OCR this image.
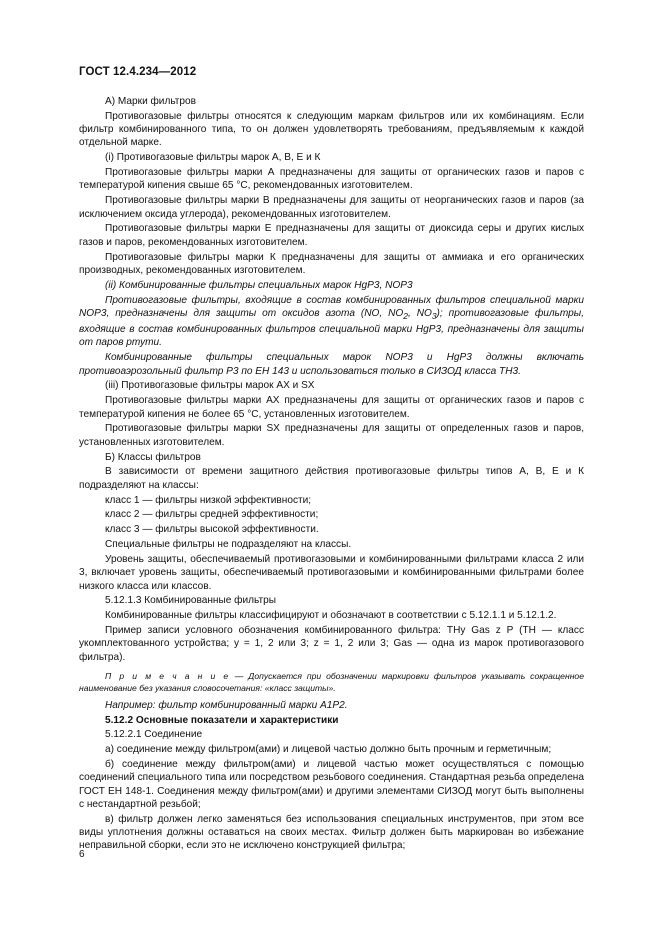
ГОСТ 12.4.234—2012

А) Марки фильтров

Противогазовые фильтры относятся к следующим маркам фильтров или их комбинациям. Если фильтр комбинированного типа, то он должен удовлетворять требованиям, предъявляемым к каждой отдельной марке.

(i) Противогазовые фильтры марок А, В, Е и К

Противогазовые фильтры марки А предназначены для защиты от органических газов и паров с температурой кипения свыше 65 °С, рекомендованных изготовителем.

Противогазовые фильтры марки В предназначены для защиты от неорганических газов и паров (за исключением оксида углерода), рекомендованных изготовителем.

Противогазовые фильтры марки Е предназначены для защиты от диоксида серы и других кислых газов и паров, рекомендованных изготовителем.

Противогазовые фильтры марки К предназначены для защиты от аммиака и его органических производных, рекомендованных изготовителем.

(ii) Комбинированные фильтры специальных марок HgP3, NOP3

Противогазовые фильтры, входящие в состав комбинированных фильтров специальной марки NOP3, предназначены для защиты от оксидов азота (NO, $NO_2$, $NO_3$); противогазовые фильтры, входящие в состав комбинированных фильтров специальной марки HgP3, предназначены для защиты от паров ртути.

Комбинированные фильтры специальных марок NOP3 и HgP3 должны включать противоаэрозольный фильтр Р3 по ЕН 143 и использоваться только в СИЗОД класса ТН3.

(iii) Противогазовые фильтры марок АХ и SX

Противогазовые фильтры марки АХ предназначены для защиты от органических газов и паров с температурой кипения не более 65 °С, установленных изготовителем.

Противогазовые фильтры марки SX предназначены для защиты от определенных газов и паров, установленных изготовителем.

Б) Классы фильтров

В зависимости от времени защитного действия противогазовые фильтры типов А, В, Е и К подразделяют на классы:

класс 1 — фильтры низкой эффективности;

класс 2 — фильтры средней эффективности;

класс 3 — фильтры высокой эффективности.

Специальные фильтры не подразделяют на классы.

Уровень защиты, обеспечиваемый противогазовыми и комбинированными фильтрами класса 2 или 3, включает уровень защиты, обеспечиваемый противогазовыми и комбинированными фильтрами более низкого класса или классов.

5.12.1.3 Комбинированные фильтры

Комбинированные фильтры классифицируют и обозначают в соответствии с 5.12.1.1 и 5.12.1.2.

Пример записи условного обозначения комбинированного фильтра: THy Gas z P (TH — класс укомплектованного устройства; y = 1, 2 или 3; z = 1, 2 или 3; Gas — одна из марок противогазового фильтра).

П р и м е ч а н и е — Допускается при обозначении маркировки фильтров указывать сокращенное наименование без указания словосочетания: «класс защиты».

Например: фильтр комбинированный марки А1Р2.

5.12.2 Основные показатели и характеристики

5.12.2.1 Соединение

а) соединение между фильтром(ами) и лицевой частью должно быть прочным и герметичным;

б) соединение между фильтром(ами) и лицевой частью может осуществляться с помощью соединений специального типа или посредством резьбового соединения. Стандартная резьба определена ГОСТ ЕН 148-1. Соединения между фильтром(ами) и другими элементами СИЗОД могут быть выполнены с нестандартной резьбой;

в) фильтр должен легко заменяться без использования специальных инструментов, при этом все виды уплотнения должны оставаться на своих местах. Фильтр должен быть маркирован во избежание неправильной сборки, если это не исключено конструкцией фильтра;

6
